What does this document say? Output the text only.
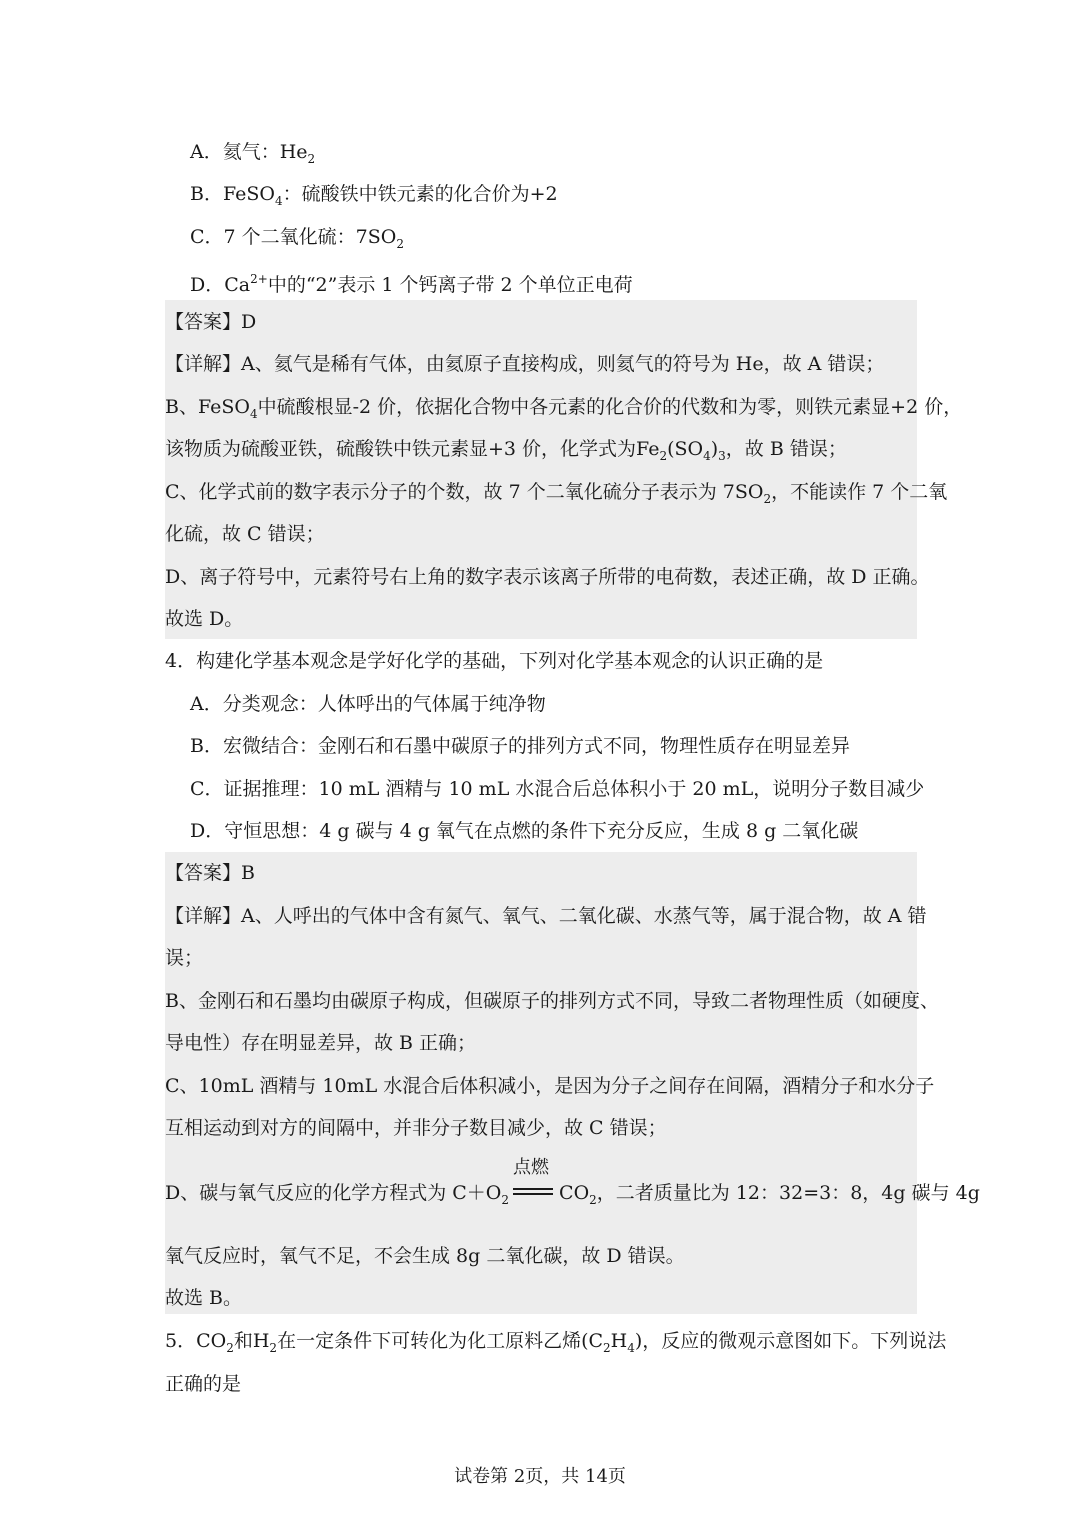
A．氦气：$He_2$
B．FeSO$_4$：硫酸铁中铁元素的化合价为+2
C．7 个二氧化硫：$7SO_2$
D．$Ca^{2+}$中的“2”表示 1 个钙离子带 2 个单位正电荷
【答案】D
【详解】A、氦气是稀有气体，由氦原子直接构成，则氦气的符号为 He，故 A 错误；
B、FeSO$_4$中硫酸根显-2 价，依据化合物中各元素的化合价的代数和为零，则铁元素显+2 价，
该物质为硫酸亚铁，硫酸铁中铁元素显+3 价，化学式为$Fe_2(SO_4)_3$，故 B 错误；
C、化学式前的数字表示分子的个数，故 7 个二氧化硫分子表示为 $7SO_2$，不能读作 7 个二氧
化硫，故 C 错误；
D、离子符号中，元素符号右上角的数字表示该离子所带的电荷数，表述正确，故 D 正确。
故选 D。
4．构建化学基本观念是学好化学的基础，下列对化学基本观念的认识正确的是
A．分类观念：人体呼出的气体属于纯净物
B．宏微结合：金刚石和石墨中碳原子的排列方式不同，物理性质存在明显差异
C．证据推理：10 mL 酒精与 10 mL 水混合后总体积小于 20 mL，说明分子数目减少
D．守恒思想：4 g 碳与 4 g 氧气在点燃的条件下充分反应，生成 8 g 二氧化碳
【答案】B
【详解】A、人呼出的气体中含有氮气、氧气、二氧化碳、水蒸气等，属于混合物，故 A 错
误；
B、金刚石和石墨均由碳原子构成，但碳原子的排列方式不同，导致二者物理性质（如硬度、
导电性）存在明显差异，故 B 正确；
C、10mL 酒精与 10mL 水混合后体积减小，是因为分子之间存在间隔，酒精分子和水分子
互相运动到对方的间隔中，并非分子数目减少，故 C 错误；
D、碳与氧气反应的化学方程式为 $C+O_2$
点燃
$CO_2$，二者质量比为 12：32=3：8，4g 碳与 4g
氧气反应时，氧气不足，不会生成 8g 二氧化碳，故 D 错误。
故选 B。
5．$CO_2$和$H_2$在一定条件下可转化为化工原料乙烯$(C_2H_4)$，反应的微观示意图如下。下列说法
正确的是
试卷第 2页，共 14页
